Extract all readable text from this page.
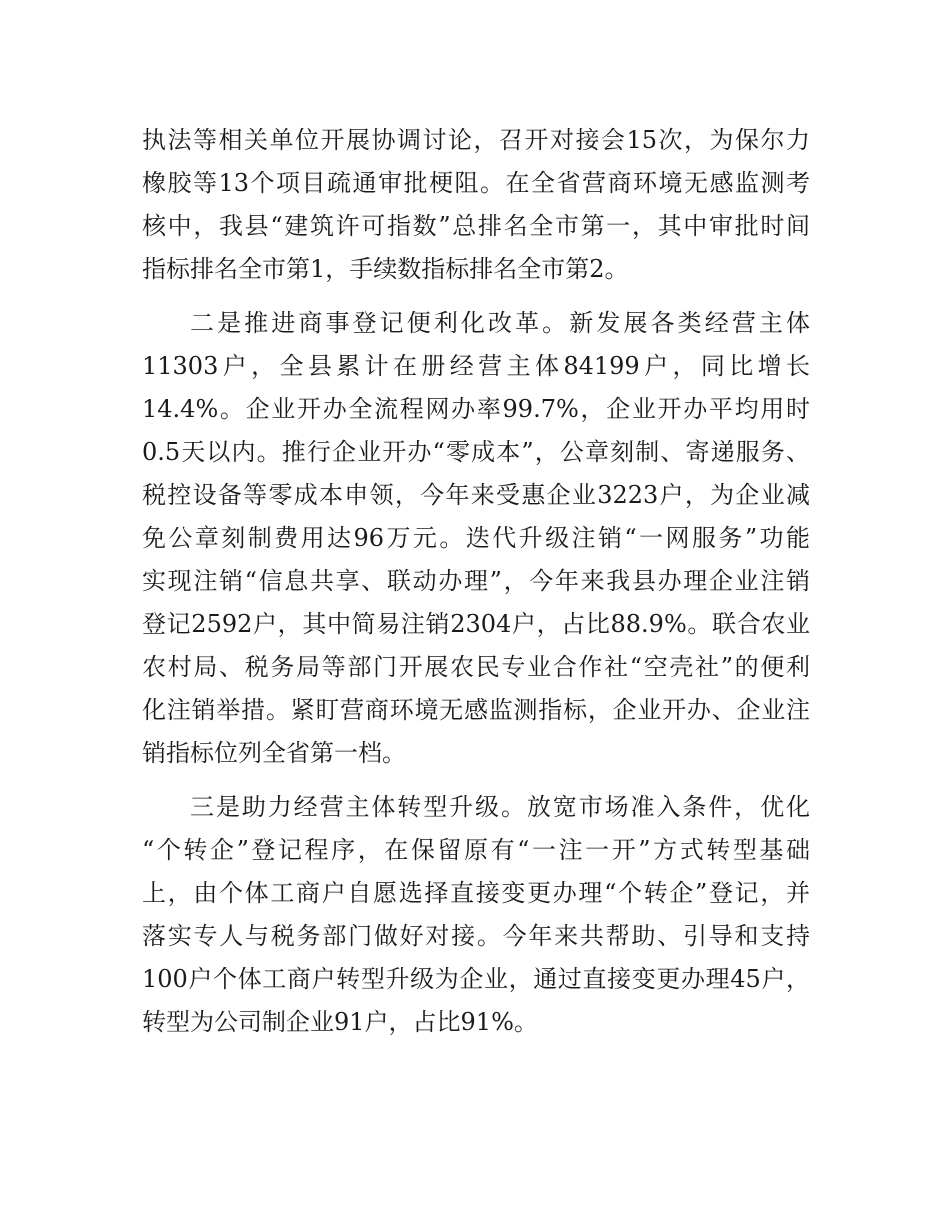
执法等相关单位开展协调讨论，召开对接会15次，为保尔力
橡胶等13个项目疏通审批梗阻。在全省营商环境无感监测考
核中，我县“建筑许可指数”总排名全市第一，其中审批时间
指标排名全市第1，手续数指标排名全市第2。
二是推进商事登记便利化改革。新发展各类经营主体
11303户，全县累计在册经营主体84199户，同比增长
14.4%。企业开办全流程网办率99.7%，企业开办平均用时
0.5天以内。推行企业开办“零成本”，公章刻制、寄递服务、
税控设备等零成本申领，今年来受惠企业3223户，为企业减
免公章刻制费用达96万元。迭代升级注销“一网服务”功能
实现注销“信息共享、联动办理”，今年来我县办理企业注销
登记2592户，其中简易注销2304户，占比88.9%。联合农业
农村局、税务局等部门开展农民专业合作社“空壳社”的便利
化注销举措。紧盯营商环境无感监测指标，企业开办、企业注
销指标位列全省第一档。
三是助力经营主体转型升级。放宽市场准入条件，优化
“个转企”登记程序，在保留原有“一注一开”方式转型基础
上，由个体工商户自愿选择直接变更办理“个转企”登记，并
落实专人与税务部门做好对接。今年来共帮助、引导和支持
100户个体工商户转型升级为企业，通过直接变更办理45户，
转型为公司制企业91户，占比91%。
